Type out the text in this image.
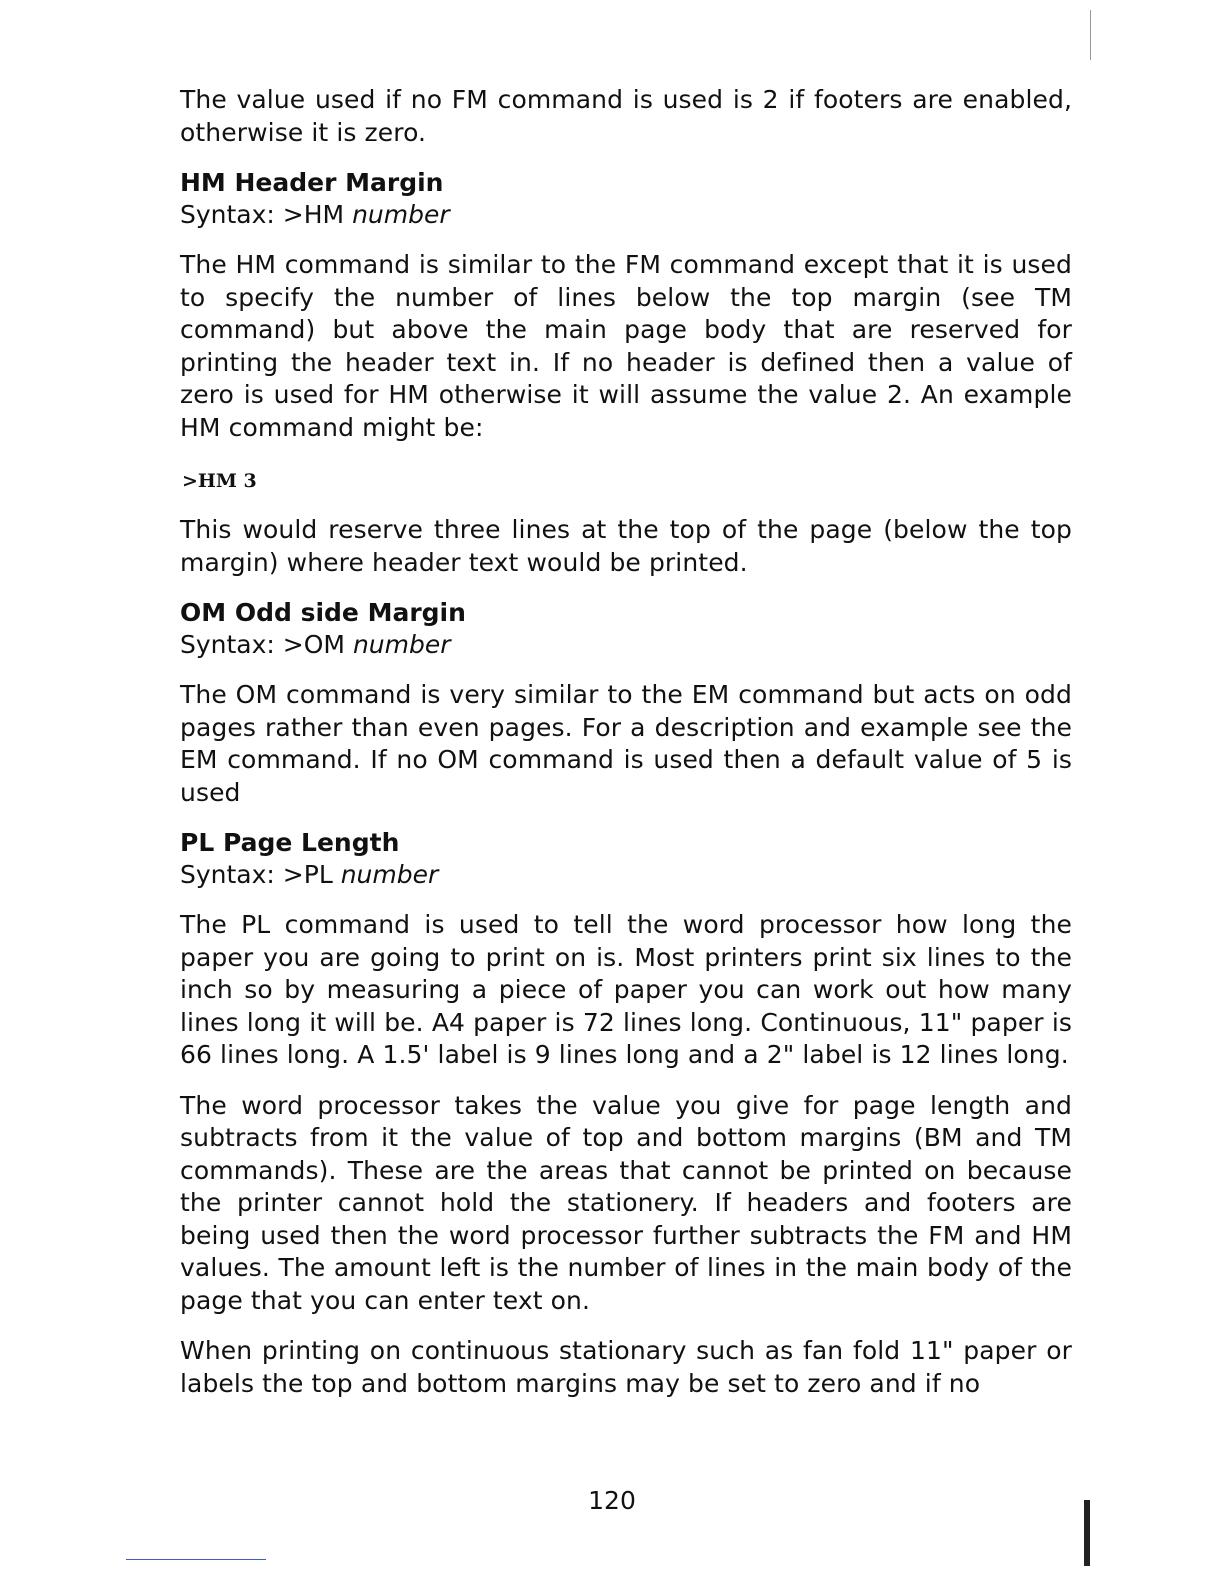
The value used if no FM command is used is 2 if footers are enabled, otherwise it is zero.

HM Header Margin

Syntax: >HM number

The HM command is similar to the FM command except that it is used to specify the number of lines below the top margin (see TM command) but above the main page body that are reserved for printing the header text in. If no header is defined then a value of zero is used for HM otherwise it will assume the value 2. An example HM command might be:

>HM 3

This would reserve three lines at the top of the page (below the top margin) where header text would be printed.

OM Odd side Margin

Syntax: >OM number

The OM command is very similar to the EM command but acts on odd pages rather than even pages. For a description and example see the EM command. If no OM command is used then a default value of 5 is used

PL Page Length

Syntax: >PL number

The PL command is used to tell the word processor how long the paper you are going to print on is. Most printers print six lines to the inch so by measuring a piece of paper you can work out how many lines long it will be. A4 paper is 72 lines long. Continuous, 11" paper is 66 lines long. A 1.5' label is 9 lines long and a 2" label is 12 lines long.

The word processor takes the value you give for page length and subtracts from it the value of top and bottom margins (BM and TM commands). These are the areas that cannot be printed on because the printer cannot hold the stationery. If headers and footers are being used then the word processor further subtracts the FM and HM values. The amount left is the number of lines in the main body of the page that you can enter text on.

When printing on continuous stationary such as fan fold 11" paper or labels the top and bottom margins may be set to zero and if no

120
